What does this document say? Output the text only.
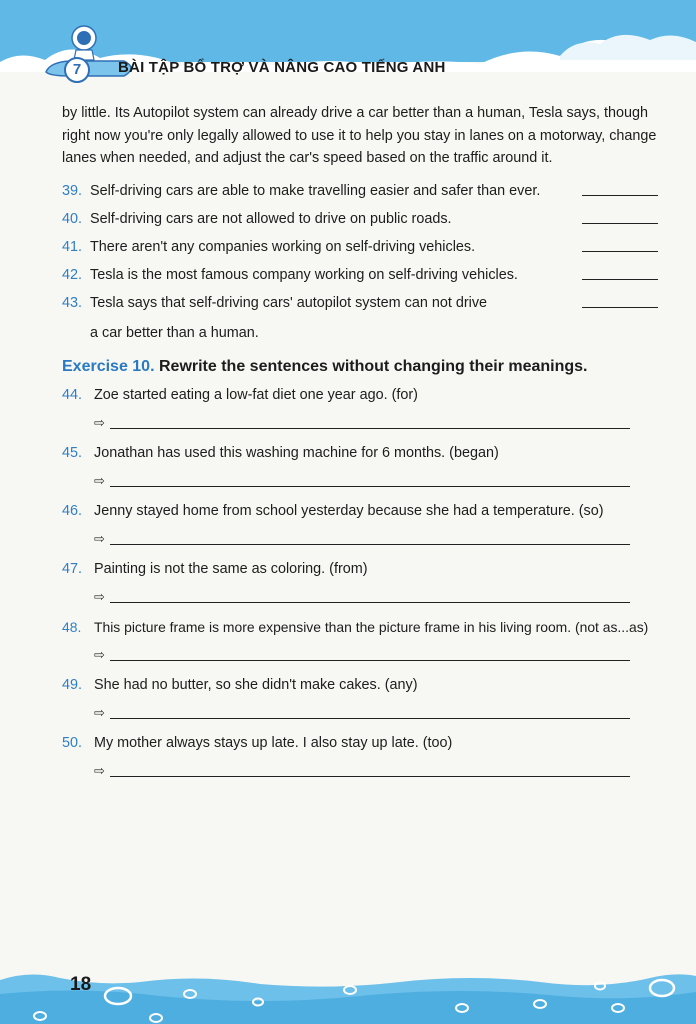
7	BÀI TẬP BỔ TRỢ VÀ NÂNG CAO TIẾNG ANH

by little. Its Autopilot system can already drive a car better than a human, Tesla says, though right now you're only legally allowed to use it to help you stay in lanes on a motorway, change lanes when needed, and adjust the car's speed based on the traffic around it.

39. Self-driving cars are able to make travelling easier and safer than ever.
40. Self-driving cars are not allowed to drive on public roads.
41. There aren't any companies working on self-driving vehicles.
42. Tesla is the most famous company working on self-driving vehicles.
43. Tesla says that self-driving cars' autopilot system can not drive
a car better than a human.
Exercise 10. Rewrite the sentences without changing their meanings.
44. Zoe started eating a low-fat diet one year ago. (for)
⇨
45. Jonathan has used this washing machine for 6 months. (began)
⇨
46. Jenny stayed home from school yesterday because she had a temperature. (so)
⇨
47. Painting is not the same as coloring. (from)
⇨
48. This picture frame is more expensive than the picture frame in his living room. (not as...as)
⇨
49. She had no butter, so she didn't make cakes. (any)
⇨
50. My mother always stays up late. I also stay up late. (too)
⇨
18
